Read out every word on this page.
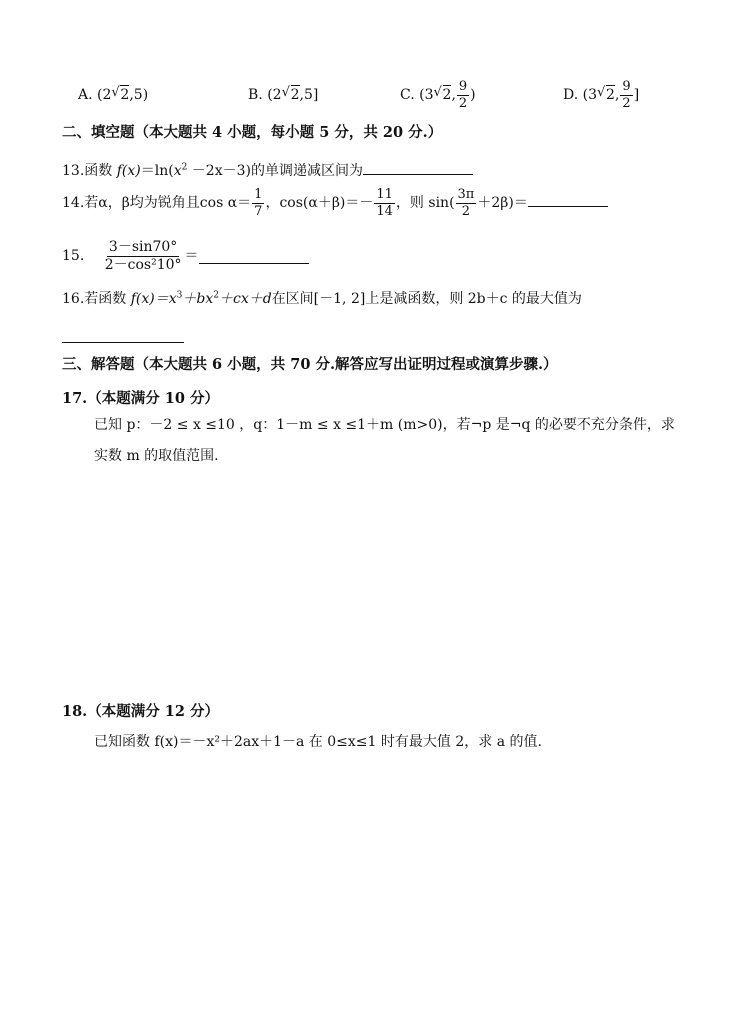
A. (2 √ 2,5)	B. (2 √ 2,5]	C. (3 √ 2, $\frac{9}{2}$ )	D. (3 √ 2, $\frac{9}{2}$ ]
二、填空题（本大题共 4 小题，每小题 5 分，共 20 分.）
13.函数 $f(x)=\ln(x^2 -2x-3)$的单调递减区间为
14.若α，β均为锐角且$\cos \alpha= \frac{1}{7}$ ，$\cos(\alpha+\beta)=- \frac{11}{14}$ ，则 $\sin( \frac{3\pi}{2} +2\beta)=$
15. $\frac{3-\sin 70^\circ}{\text{2－cos²10°}}$ ＝
16.若函数 $f(x)=x^3+bx^2+cx+d$在区间[－1, 2]上是减函数，则 2b＋c 的最大值为
三、解答题（本大题共 6 小题，共 70 分.解答应写出证明过程或演算步骤.）
17.（本题满分 10 分）
已知 p：－2 ≤ x ≤10 ，q：1－m ≤ x ≤1＋m (m>0)，若¬p 是¬q 的必要不充分条件，求
实数 m 的取值范围.
18.（本题满分 12 分）
已知函数 f(x)＝－x²＋2ax＋1－a 在 0≤x≤1 时有最大值 2，求 a 的值.
